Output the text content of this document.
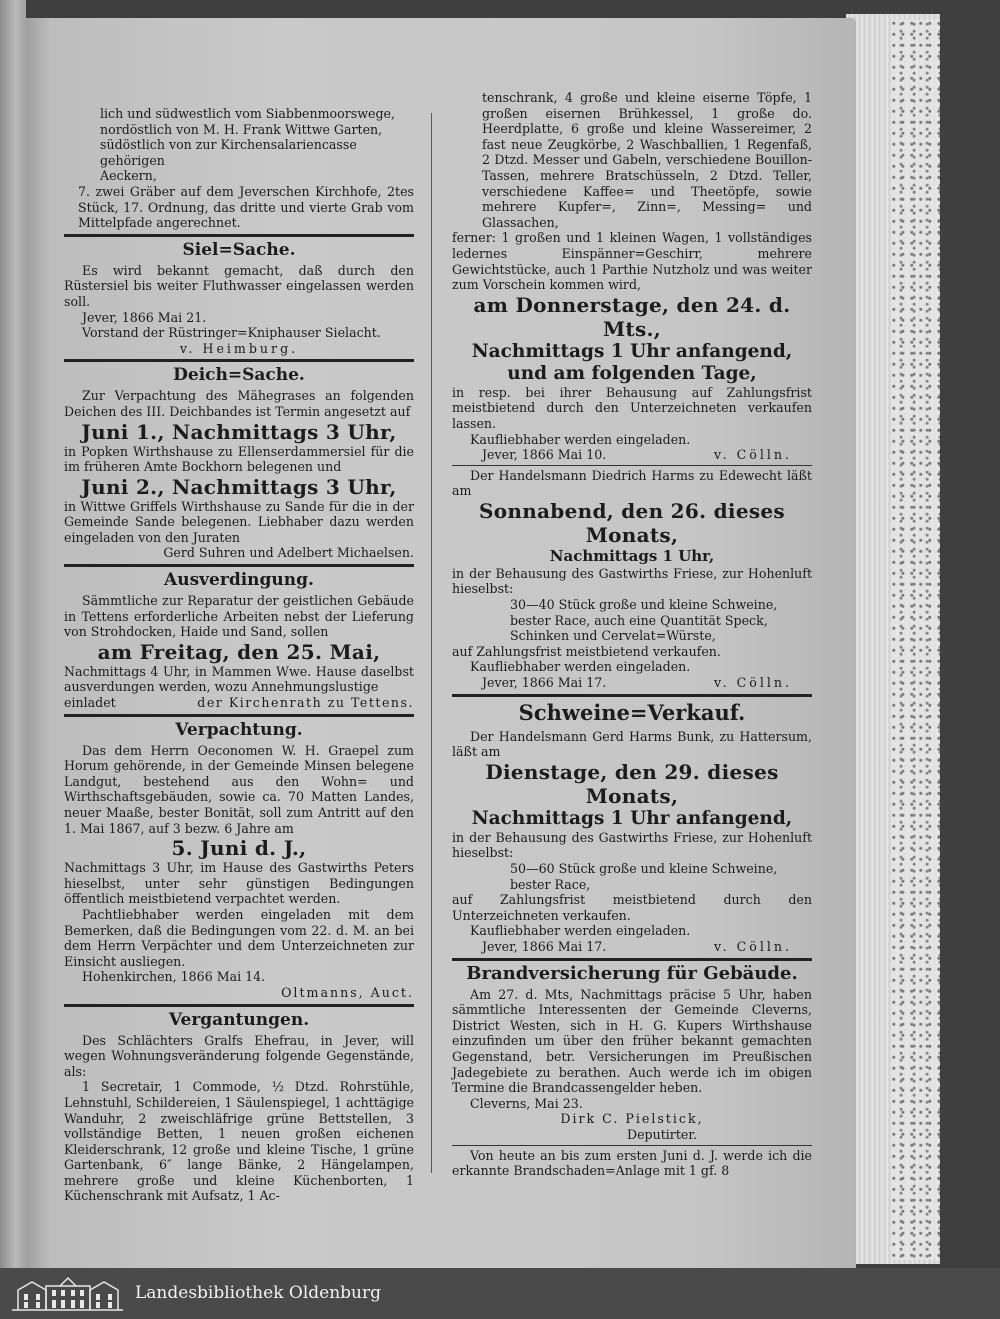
lich und südwestlich vom Siabbenmoorswege,

nordöstlich von M. H. Frank Wittwe Garten,

südöstlich von zur Kirchensalariencasse gehörigen

Aeckern,

7. zwei Gräber auf dem Jeverschen Kirchhofe, 2tes Stück, 17. Ordnung, das dritte und vierte Grab vom Mittelpfade angerechnet.

Siel=Sache.

Es wird bekannt gemacht, daß durch den Rüstersiel bis weiter Fluthwasser eingelassen werden soll.

Jever, 1866 Mai 21.

Vorstand der Rüstringer=Kniphauser Sielacht.

v. Heimburg.

Deich=Sache.

Zur Verpachtung des Mähegrases an folgenden Deichen des III. Deichbandes ist Termin angesetzt auf

Juni 1., Nachmittags 3 Uhr,

in Popken Wirthshause zu Ellenserdammersiel für die im früheren Amte Bockhorn belegenen und

Juni 2., Nachmittags 3 Uhr,

in Wittwe Griffels Wirthshause zu Sande für die in der Gemeinde Sande belegenen. Liebhaber dazu werden eingeladen von den Juraten

Gerd Suhren und Adelbert Michaelsen.

Ausverdingung.

Sämmtliche zur Reparatur der geistlichen Gebäude in Tettens erforderliche Arbeiten nebst der Lieferung von Strohdocken, Haide und Sand, sollen

am Freitag, den 25. Mai,

Nachmittags 4 Uhr, in Mammen Wwe. Hause daselbst ausverdungen werden, wozu Annehmungslustige

einladet	der Kirchenrath zu Tettens.

Verpachtung.

Das dem Herrn Oeconomen W. H. Graepel zum Horum gehörende, in der Gemeinde Minsen belegene Landgut, bestehend aus den Wohn= und Wirthschaftsgebäuden, sowie ca. 70 Matten Landes, neuer Maaße, bester Bonität, soll zum Antritt auf den 1. Mai 1867, auf 3 bezw. 6 Jahre am

5. Juni d. J.,

Nachmittags 3 Uhr, im Hause des Gastwirths Peters hieselbst, unter sehr günstigen Bedingungen öffentlich meistbietend verpachtet werden.

Pachtliebhaber werden eingeladen mit dem Bemerken, daß die Bedingungen vom 22. d. M. an bei dem Herrn Verpächter und dem Unterzeichneten zur Einsicht ausliegen.

Hohenkirchen, 1866 Mai 14.

Oltmanns, Auct.

Vergantungen.

Des Schlächters Gralfs Ehefrau, in Jever, will wegen Wohnungsveränderung folgende Gegenstände, als:

1 Secretair, 1 Commode, ½ Dtzd. Rohrstühle, Lehnstuhl, Schildereien, 1 Säulenspiegel, 1 achttägige Wanduhr, 2 zweischläfrige grüne Bettstellen, 3 vollständige Betten, 1 neuen großen eichenen Kleiderschrank, 12 große und kleine Tische, 1 grüne Gartenbank, 6″ lange Bänke, 2 Hängelampen, mehrere große und kleine Küchenborten, 1 Küchenschrank mit Aufsatz, 1 Ac-

tenschrank, 4 große und kleine eiserne Töpfe, 1 großen eisernen Brühkessel, 1 große do. Heerdplatte, 6 große und kleine Wassereimer, 2 fast neue Zeugkörbe, 2 Waschballien, 1 Regenfaß, 2 Dtzd. Messer und Gabeln, verschiedene Bouillon-Tassen, mehrere Bratschüsseln, 2 Dtzd. Teller, verschiedene Kaffee= und Theetöpfe, sowie mehrere Kupfer=, Zinn=, Messing= und Glassachen,

ferner: 1 großen und 1 kleinen Wagen, 1 vollständiges ledernes Einspänner=Geschirr, mehrere Gewichtstücke, auch 1 Parthie Nutzholz und was weiter zum Vorschein kommen wird,

am Donnerstage, den 24. d. Mts.,

Nachmittags 1 Uhr anfangend,

und am folgenden Tage,

in resp. bei ihrer Behausung auf Zahlungsfrist meistbietend durch den Unterzeichneten verkaufen lassen.

Kaufliebhaber werden eingeladen.

Jever, 1866 Mai 10.	v. Cölln.

Der Handelsmann Diedrich Harms zu Edewecht läßt am

Sonnabend, den 26. dieses Monats,

Nachmittags 1 Uhr,

in der Behausung des Gastwirths Friese, zur Hohenluft hieselbst:

30—40 Stück große und kleine Schweine,

bester Race, auch eine Quantität Speck,

Schinken und Cervelat=Würste,

auf Zahlungsfrist meistbietend verkaufen.

Kaufliebhaber werden eingeladen.

Jever, 1866 Mai 17.	v. Cölln.

Schweine=Verkauf.

Der Handelsmann Gerd Harms Bunk, zu Hattersum, läßt am

Dienstage, den 29. dieses Monats,

Nachmittags 1 Uhr anfangend,

in der Behausung des Gastwirths Friese, zur Hohenluft hieselbst:

50—60 Stück große und kleine Schweine,

bester Race,

auf Zahlungsfrist meistbietend durch den Unterzeichneten verkaufen.

Kaufliebhaber werden eingeladen.

Jever, 1866 Mai 17.	v. Cölln.

Brandversicherung für Gebäude.

Am 27. d. Mts, Nachmittags präcise 5 Uhr, haben sämmtliche Interessenten der Gemeinde Cleverns, District Westen, sich in H. G. Kupers Wirthshause einzufinden um über den früher bekannt gemachten Gegenstand, betr. Versicherungen im Preußischen Jadegebiete zu berathen. Auch werde ich im obigen Termine die Brandcassengelder heben.

Cleverns, Mai 23.

Dirk C. Pielstick,

Deputirter.

Von heute an bis zum ersten Juni d. J. werde ich die erkannte Brandschaden=Anlage mit 1 gf. 8

Landesbibliothek Oldenburg
